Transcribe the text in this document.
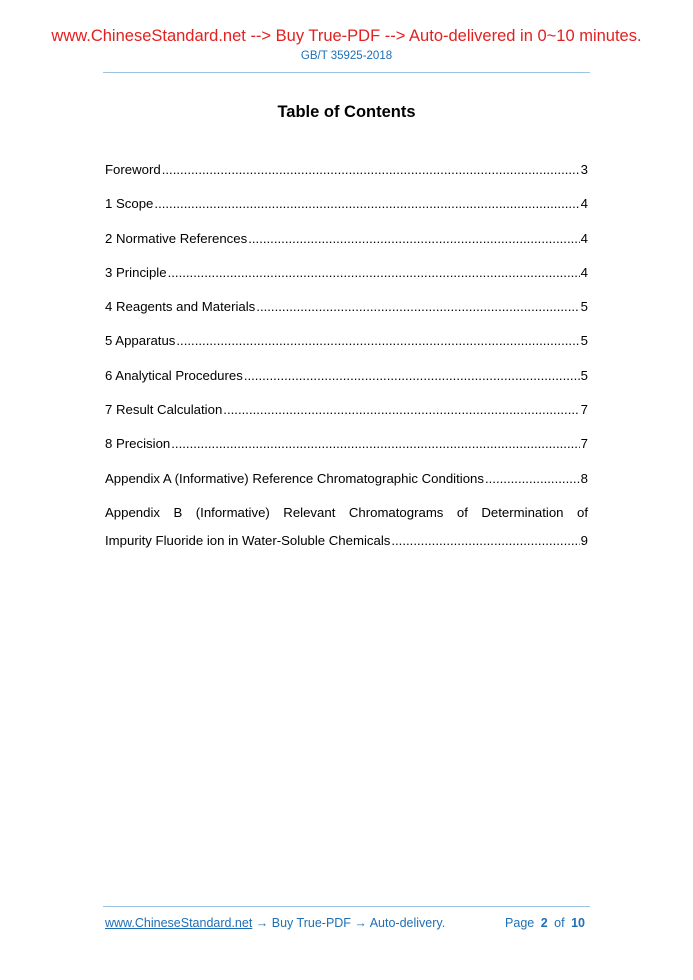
www.ChineseStandard.net --> Buy True-PDF --> Auto-delivered in 0~10 minutes.
GB/T 35925-2018
Table of Contents
Foreword .....	3
1 Scope .....	4
2 Normative References .....	4
3 Principle .....	4
4 Reagents and Materials .....	5
5 Apparatus .....	5
6 Analytical Procedures .....	5
7 Result Calculation .....	7
8 Precision .....	7
Appendix A (Informative) Reference Chromatographic Conditions .....	8
Appendix B (Informative) Relevant Chromatograms of Determination of
Impurity Fluoride ion in Water-Soluble Chemicals .....	9
www.ChineseStandard.net → Buy True-PDF → Auto-delivery.	Page 2 of 10
